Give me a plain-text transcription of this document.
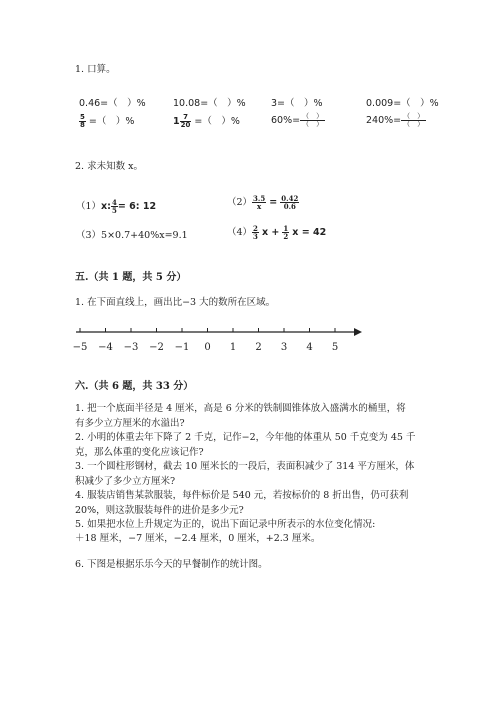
1. 口算。
0.46=（　）%	10.08=（　）%	3=（　）%	0.009=（　）%
$\frac{5}{8}$ =（　）%	$1 \frac{7}{20}$ =（　）%	$60\%= \frac{( )}{( )}$	$240\%= \frac{( )}{( )}$
2. 求未知数 x。
（1）x: $\frac{4}{5} = 6$: 12	$(2) \frac{3.5}{x} = \frac{0.42}{0.6}$
（3）5×0.7+40%x=9.1	$(4) \frac{2}{3}$ $x + \frac{1}{2}$ x = 42
五.（共 1 题，共 5 分）
1. 在下面直线上，画出比−3 大的数所在区域。
−5 −4 −3 −2 −1 0 1 2 3 4 5
六.（共 6 题，共 33 分）
1. 把一个底面半径是 4 厘米，高是 6 分米的铁制圆锥体放入盛满水的桶里，将
有多少立方厘米的水溢出?
2. 小明的体重去年下降了 2 千克，记作−2，今年他的体重从 50 千克变为 45 千
克，那么体重的变化应该记作?
3. 一个圆柱形钢材，截去 10 厘米长的一段后，表面积减少了 314 平方厘米，体
积减少了多少立方厘米?
4. 服装店销售某款服装，每件标价是 540 元，若按标价的 8 折出售，仍可获利
20%，则这款服装每件的进价是多少元?
5. 如果把水位上升规定为正的，说出下面记录中所表示的水位变化情况:
＋18 厘米，−7 厘米，−2.4 厘米，0 厘米，+2.3 厘米。
6. 下图是根据乐乐今天的早餐制作的统计图。
